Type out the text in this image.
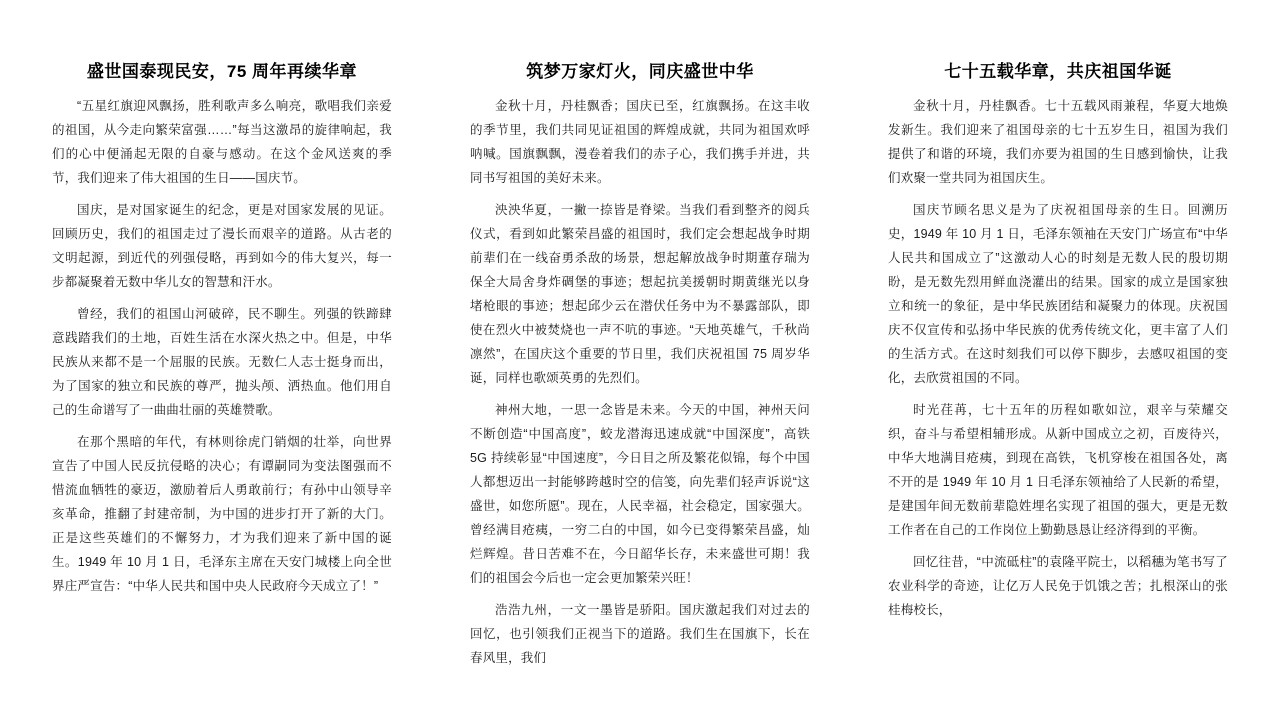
盛世国泰现民安，75 周年再续华章

“五星红旗迎风飘扬，胜利歌声多么响亮，歌唱我们亲爱的祖国，从今走向繁荣富强……”每当这激昂的旋律响起，我们的心中便涌起无限的自豪与感动。在这个金风送爽的季节，我们迎来了伟大祖国的生日——国庆节。

国庆，是对国家诞生的纪念，更是对国家发展的见证。回顾历史，我们的祖国走过了漫长而艰辛的道路。从古老的文明起源，到近代的列强侵略，再到如今的伟大复兴，每一步都凝聚着无数中华儿女的智慧和汗水。

曾经，我们的祖国山河破碎，民不聊生。列强的铁蹄肆意践踏我们的土地，百姓生活在水深火热之中。但是，中华民族从来都不是一个屈服的民族。无数仁人志士挺身而出，为了国家的独立和民族的尊严，抛头颅、洒热血。他们用自己的生命谱写了一曲曲壮丽的英雄赞歌。

在那个黑暗的年代，有林则徐虎门销烟的壮举，向世界宣告了中国人民反抗侵略的决心；有谭嗣同为变法图强而不惜流血牺牲的豪迈，激励着后人勇敢前行；有孙中山领导辛亥革命，推翻了封建帝制，为中国的进步打开了新的大门。正是这些英雄们的不懈努力，才为我们迎来了新中国的诞生。1949 年 10 月 1 日，毛泽东主席在天安门城楼上向全世界庄严宣告：“中华人民共和国中央人民政府今天成立了！”

筑梦万家灯火，同庆盛世中华

金秋十月，丹桂飘香；国庆已至，红旗飘扬。在这丰收的季节里，我们共同见证祖国的辉煌成就，共同为祖国欢呼呐喊。国旗飘飘，漫卷着我们的赤子心，我们携手并进，共同书写祖国的美好未来。

泱泱华夏，一撇一捺皆是脊梁。当我们看到整齐的阅兵仪式，看到如此繁荣昌盛的祖国时，我们定会想起战争时期前辈们在一线奋勇杀敌的场景，想起解放战争时期董存瑞为保全大局舍身炸碉堡的事迹；想起抗美援朝时期黄继光以身堵枪眼的事迹；想起邱少云在潜伏任务中为不暴露部队，即使在烈火中被焚烧也一声不吭的事迹。“天地英雄气，千秋尚凛然”，在国庆这个重要的节日里，我们庆祝祖国 75 周岁华诞，同样也歌颂英勇的先烈们。

神州大地，一思一念皆是未来。今天的中国，神州天问不断创造“中国高度”，蛟龙潜海迅速成就“中国深度”，高铁 5G 持续彰显“中国速度”，今日目之所及繁花似锦，每个中国人都想迈出一封能够跨越时空的信笺，向先辈们轻声诉说“这盛世，如您所愿”。现在，人民幸福，社会稳定，国家强大。曾经满目疮痍，一穷二白的中国，如今已变得繁荣昌盛，灿烂辉煌。昔日苦难不在，今日韶华长存，未来盛世可期！我们的祖国会今后也一定会更加繁荣兴旺！

浩浩九州，一文一墨皆是骄阳。国庆激起我们对过去的回忆，也引领我们正视当下的道路。我们生在国旗下，长在春风里，我们

七十五载华章，共庆祖国华诞

金秋十月，丹桂飘香。七十五载风雨兼程，华夏大地焕发新生。我们迎来了祖国母亲的七十五岁生日，祖国为我们提供了和谐的环境，我们亦要为祖国的生日感到愉快，让我们欢聚一堂共同为祖国庆生。

国庆节顾名思义是为了庆祝祖国母亲的生日。回溯历史，1949 年 10 月 1 日，毛泽东领袖在天安门广场宣布“中华人民共和国成立了”这激动人心的时刻是无数人民的殷切期盼，是无数先烈用鲜血浇灌出的结果。国家的成立是国家独立和统一的象征，是中华民族团结和凝聚力的体现。庆祝国庆不仅宣传和弘扬中华民族的优秀传统文化，更丰富了人们的生活方式。在这时刻我们可以停下脚步，去感叹祖国的变化，去欣赏祖国的不同。

时光荏苒，七十五年的历程如歌如泣，艰辛与荣耀交织，奋斗与希望相辅形成。从新中国成立之初，百废待兴，中华大地满目疮痍，到现在高铁，飞机穿梭在祖国各处，离不开的是 1949 年 10 月 1 日毛泽东领袖给了人民新的希望，是建国年间无数前辈隐姓埋名实现了祖国的强大，更是无数工作者在自己的工作岗位上勤勤恳恳让经济得到的平衡。

回忆往昔，“中流砥柱”的袁隆平院士，以稻穗为笔书写了农业科学的奇迹，让亿万人民免于饥饿之苦；扎根深山的张桂梅校长，
